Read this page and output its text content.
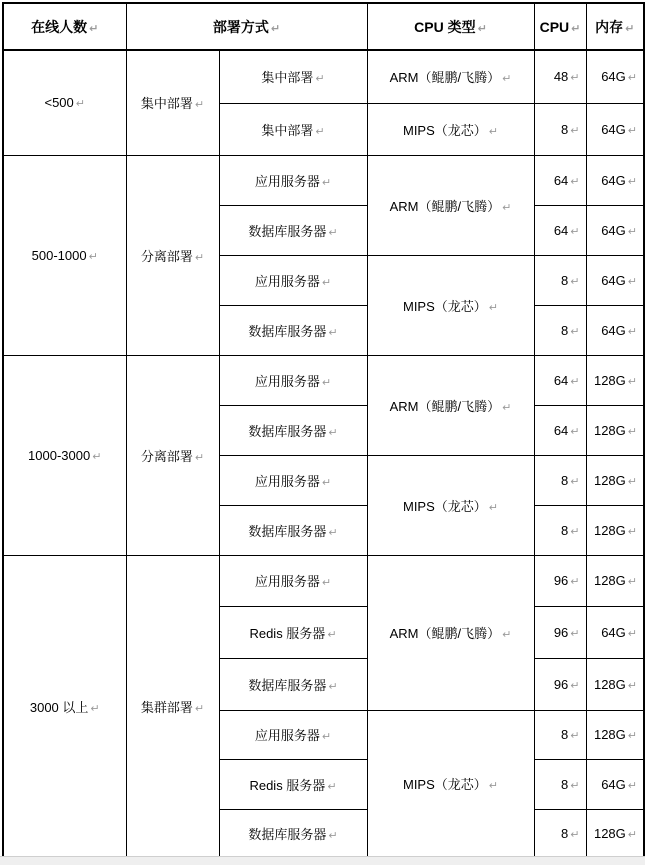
在线人数 ↵	部署方式 ↵		CPU 类型 ↵	CPU ↵	内存 ↵
<500 ↵	集中部署 ↵	集中部署 ↵	ARM（鲲鹏/飞腾） ↵	48 ↵	64G ↵
		集中部署 ↵	MIPS（龙芯） ↵	8 ↵	64G ↵
500-1000 ↵	分离部署 ↵	应用服务器 ↵	ARM（鲲鹏/飞腾） ↵	64 ↵	64G ↵
		数据库服务器 ↵		64 ↵	64G ↵
		应用服务器 ↵	MIPS（龙芯） ↵	8 ↵	64G ↵
		数据库服务器 ↵		8 ↵	64G ↵
1000-3000 ↵	分离部署 ↵	应用服务器 ↵	ARM（鲲鹏/飞腾） ↵	64 ↵	128G ↵
		数据库服务器 ↵		64 ↵	128G ↵
		应用服务器 ↵	MIPS（龙芯） ↵	8 ↵	128G ↵
		数据库服务器 ↵		8 ↵	128G ↵
3000 以上 ↵	集群部署 ↵	应用服务器 ↵	ARM（鲲鹏/飞腾） ↵	96 ↵	128G ↵
		Redis 服务器 ↵		96 ↵	64G ↵
		数据库服务器 ↵		96 ↵	128G ↵
		应用服务器 ↵	MIPS（龙芯） ↵	8 ↵	128G ↵
		Redis 服务器 ↵		8 ↵	64G ↵
		数据库服务器 ↵		8 ↵	128G ↵
